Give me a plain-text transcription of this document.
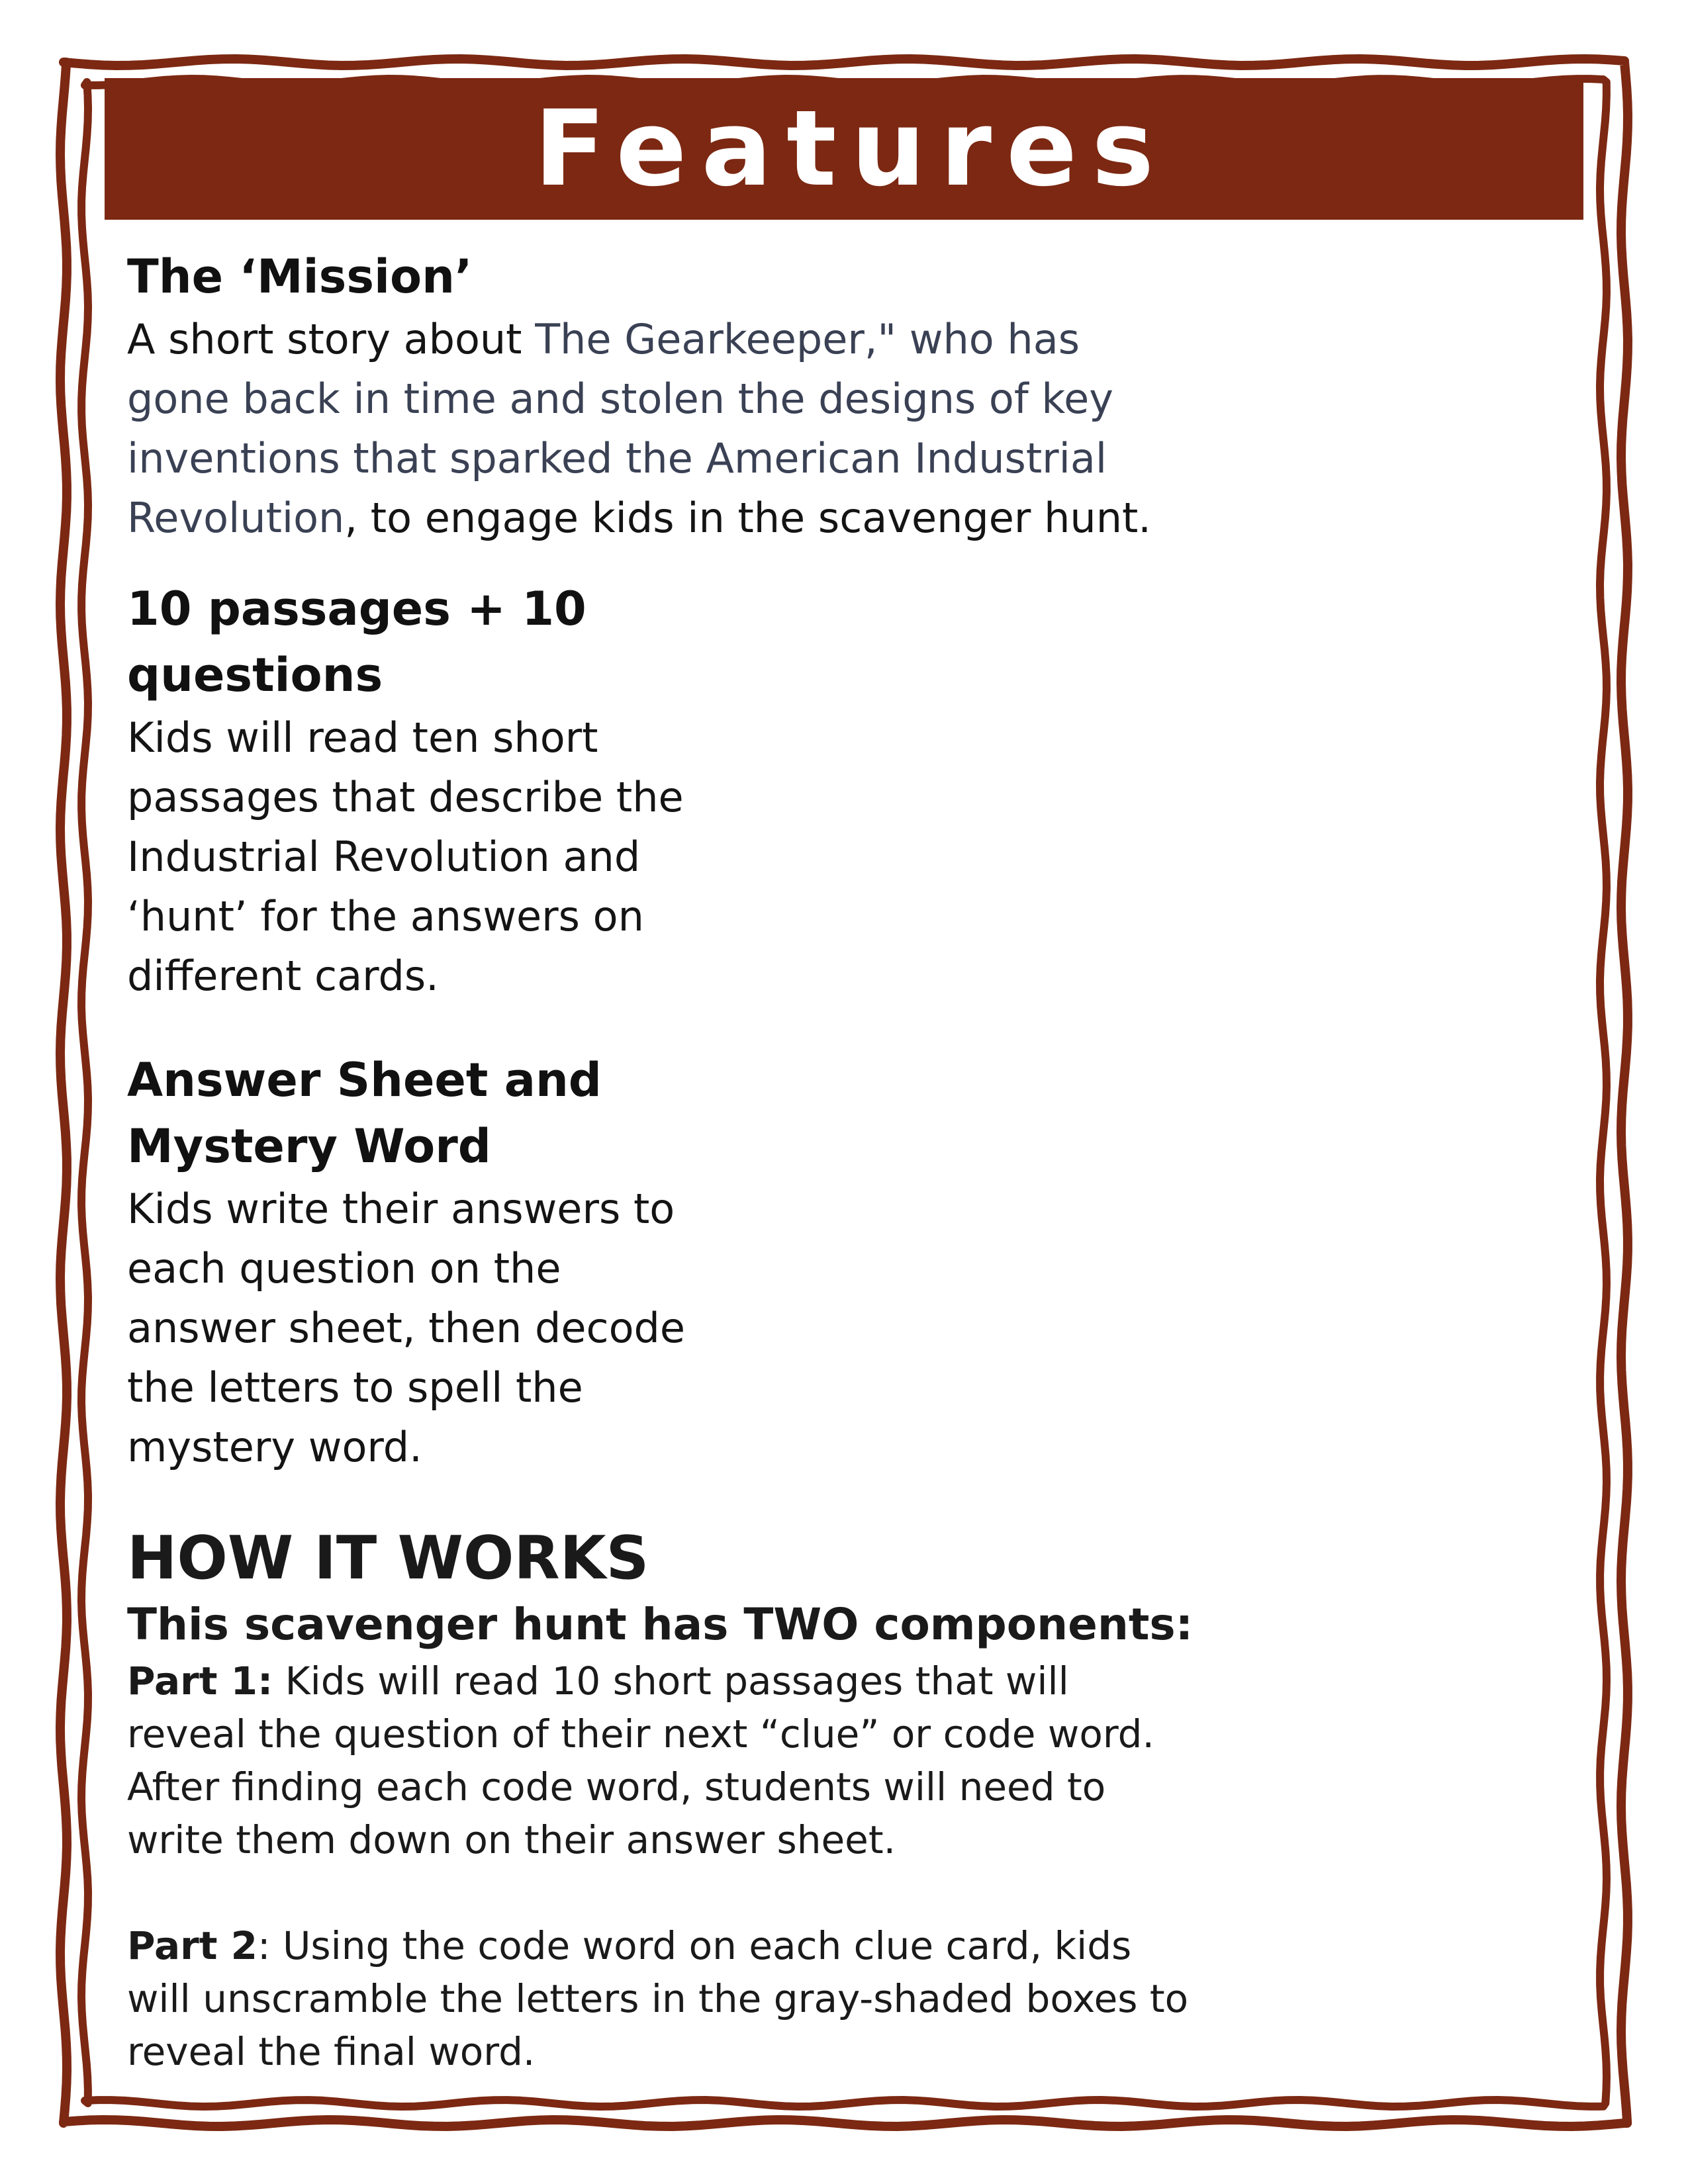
Features

The ‘Mission’

A short story about The Gearkeeper," who has
gone back in time and stolen the designs of key
inventions that sparked the American Industrial
Revolution, to engage kids in the scavenger hunt.

10 passages + 10

questions

Kids will read ten short

passages that describe the

Industrial Revolution and

‘hunt’ for the answers on

different cards.

Answer Sheet and

Mystery Word

Kids write their answers to

each question on the

answer sheet, then decode

the letters to spell the

mystery word.

HOW IT WORKS

This scavenger hunt has TWO components:

Part 1: Kids will read 10 short passages that will
reveal the question of their next “clue” or code word.
After finding each code word, students will need to
write them down on their answer sheet.

Part 2: Using the code word on each clue card, kids
will unscramble the letters in the gray-shaded boxes to
reveal the final word.
